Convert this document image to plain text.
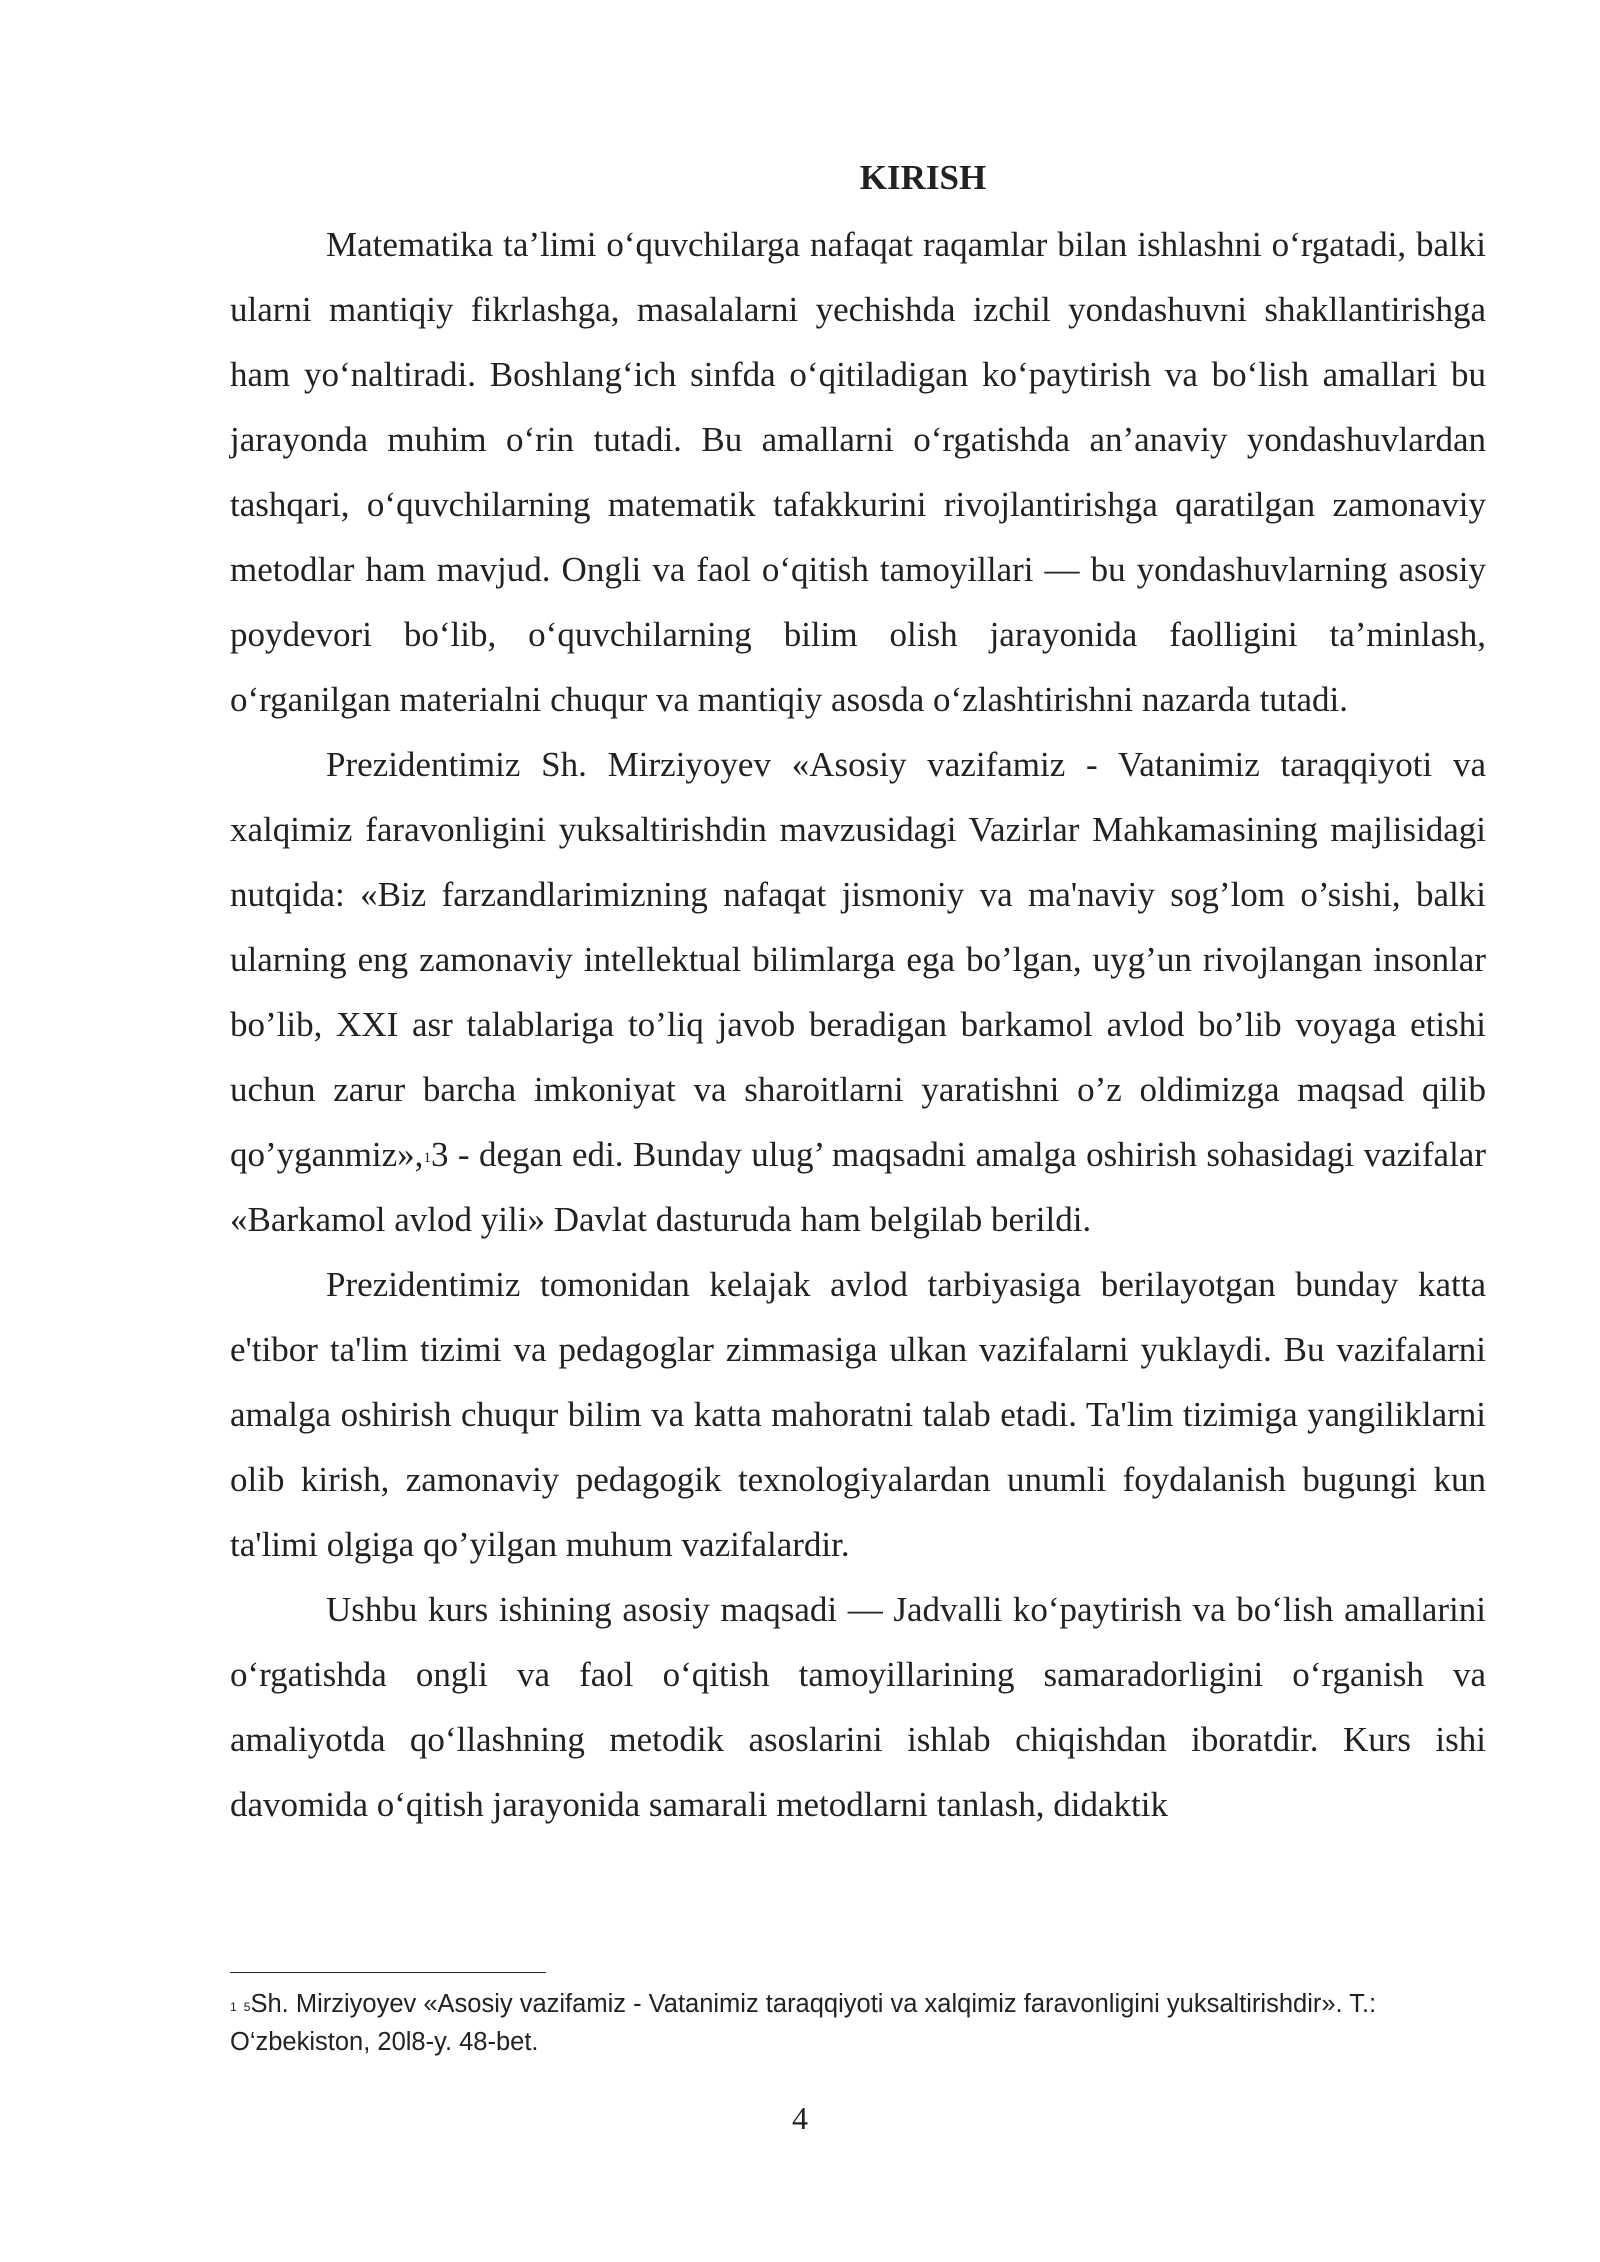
KIRISH

Matematika ta’limi o‘quvchilarga nafaqat raqamlar bilan ishlashni o‘rgatadi, balki ularni mantiqiy fikrlashga, masalalarni yechishda izchil yondashuvni shakllantirishga ham yo‘naltiradi. Boshlang‘ich sinfda o‘qitiladigan ko‘paytirish va bo‘lish amallari bu jarayonda muhim o‘rin tutadi. Bu amallarni o‘rgatishda an’anaviy yondashuvlardan tashqari, o‘quvchilarning matematik tafakkurini rivojlantirishga qaratilgan zamonaviy metodlar ham mavjud. Ongli va faol o‘qitish tamoyillari — bu yondashuvlarning asosiy poydevori bo‘lib, o‘quvchilarning bilim olish jarayonida faolligini ta’minlash, o‘rganilgan materialni chuqur va mantiqiy asosda o‘zlashtirishni nazarda tutadi.

Prezidentimiz Sh. Mirziyoyev «Asosiy vazifamiz - Vatanimiz taraqqiyoti va xalqimiz faravonligini yuksaltirishdin mavzusidagi Vazirlar Mahkamasining majlisidagi nutqida: «Biz farzandlarimizning nafaqat jismoniy va ma'naviy sog’lom o’sishi, balki ularning eng zamonaviy intellektual bilimlarga ega bo’lgan, uyg’un rivojlangan insonlar bo’lib, XXI asr talablariga to’liq javob beradigan barkamol avlod bo’lib voyaga etishi uchun zarur barcha imkoniyat va sharoitlarni yaratishni o’z oldimizga maqsad qilib qo’yganmiz»,$^1$3 - degan edi. Bunday ulug’ maqsadni amalga oshirish sohasidagi vazifalar «Barkamol avlod yili» Davlat dasturuda ham belgilab berildi.

Prezidentimiz tomonidan kelajak avlod tarbiyasiga berilayotgan bunday katta e'tibor ta'lim tizimi va pedagoglar zimmasiga ulkan vazifalarni yuklaydi. Bu vazifalarni amalga oshirish chuqur bilim va katta mahoratni talab etadi. Ta'lim tizimiga yangiliklarni olib kirish, zamonaviy pedagogik texnologiyalardan unumli foydalanish bugungi kun ta'limi olgiga qo’yilgan muhum vazifalardir.

Ushbu kurs ishining asosiy maqsadi — Jadvalli ko‘paytirish va bo‘lish amallarini o‘rgatishda ongli va faol o‘qitish tamoyillarining samaradorligini o‘rganish va amaliyotda qo‘llashning metodik asoslarini ishlab chiqishdan iboratdir. Kurs ishi davomida o‘qitish jarayonida samarali metodlarni tanlash, didaktik

$^1$ $^5$Sh. Mirziyoyev «Asosiy vazifamiz - Vatanimiz taraqqiyoti va xalqimiz faravonligini yuksaltirishdir». T.: O‘zbekiston, 20l8-y. 48-bet.
4
